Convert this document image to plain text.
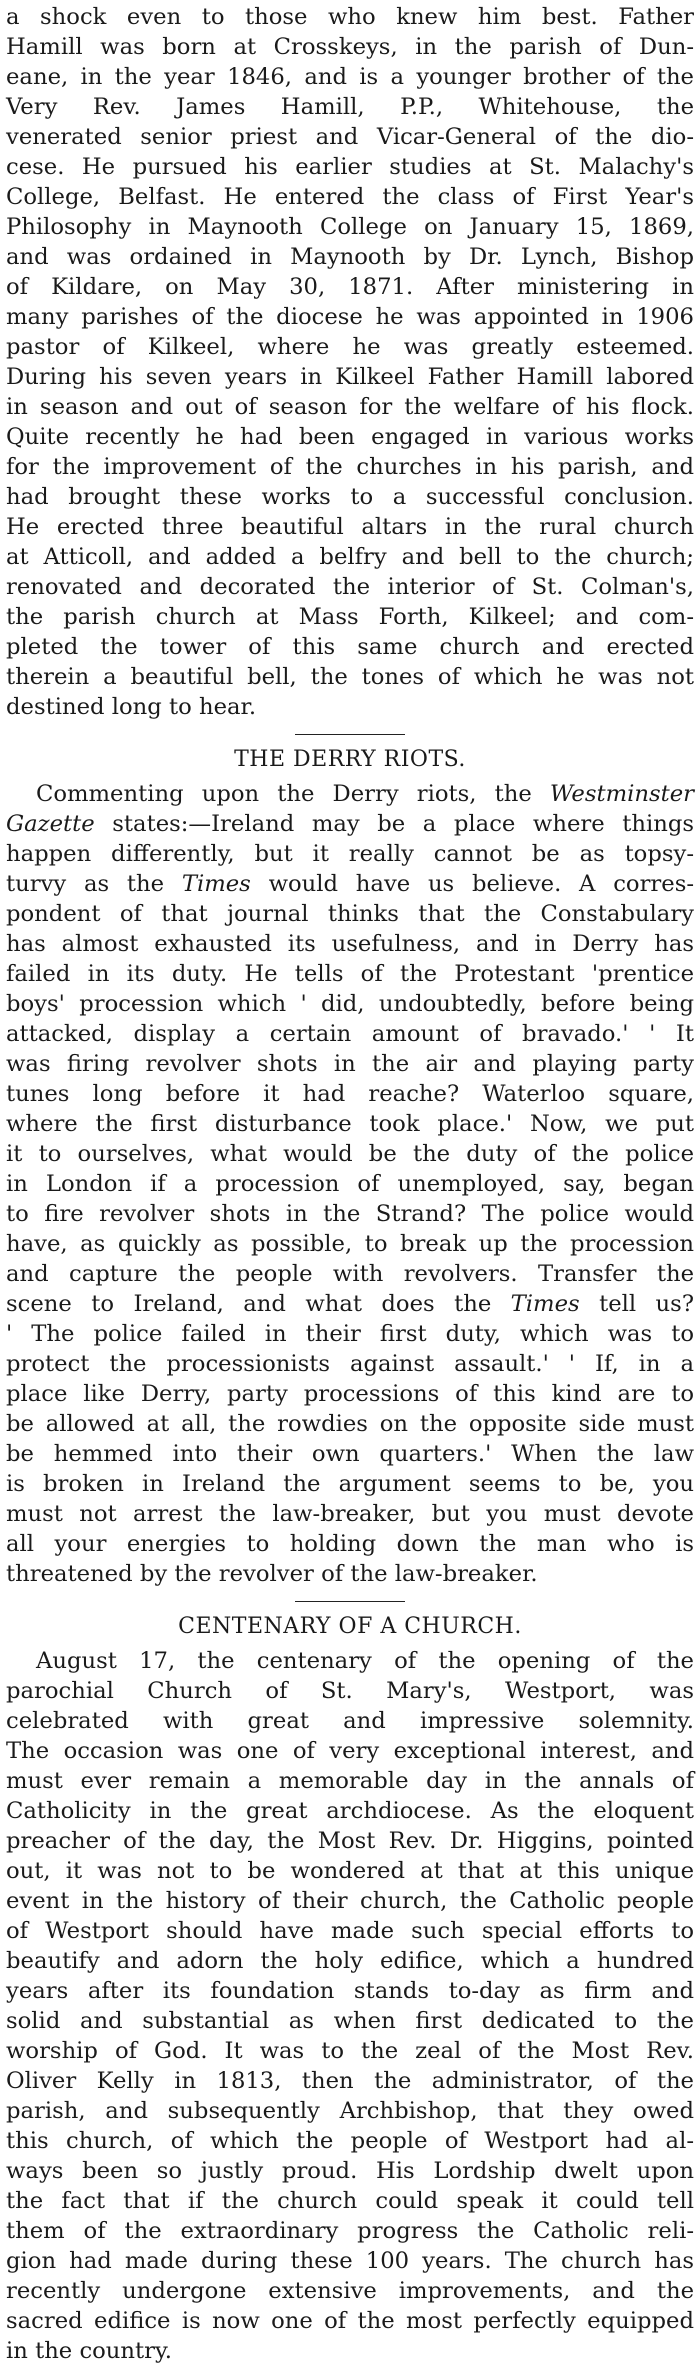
a shock even to those who knew him best. Father
Hamill was born at Crosskeys, in the parish of Dun-
eane, in the year 1846, and is a younger brother of the
Very Rev. James Hamill, P.P., Whitehouse, the
venerated senior priest and Vicar-General of the dio-
cese. He pursued his earlier studies at St. Malachy's
College, Belfast. He entered the class of First Year's
Philosophy in Maynooth College on January 15, 1869,
and was ordained in Maynooth by Dr. Lynch, Bishop
of Kildare, on May 30, 1871. After ministering in
many parishes of the diocese he was appointed in 1906
pastor of Kilkeel, where he was greatly esteemed.
During his seven years in Kilkeel Father Hamill labored
in season and out of season for the welfare of his flock.
Quite recently he had been engaged in various works
for the improvement of the churches in his parish, and
had brought these works to a successful conclusion.
He erected three beautiful altars in the rural church
at Atticoll, and added a belfry and bell to the church;
renovated and decorated the interior of St. Colman's,
the parish church at Mass Forth, Kilkeel; and com-
pleted the tower of this same church and erected
therein a beautiful bell, the tones of which he was not
destined long to hear.
THE DERRY RIOTS.
Commenting upon the Derry riots, the Westminster
Gazette states:—Ireland may be a place where things
happen differently, but it really cannot be as topsy-
turvy as the Times would have us believe. A corres-
pondent of that journal thinks that the Constabulary
has almost exhausted its usefulness, and in Derry has
failed in its duty. He tells of the Protestant 'prentice
boys' procession which ' did, undoubtedly, before being
attacked, display a certain amount of bravado.' ' It
was firing revolver shots in the air and playing party
tunes long before it had reache? Waterloo square,
where the first disturbance took place.' Now, we put
it to ourselves, what would be the duty of the police
in London if a procession of unemployed, say, began
to fire revolver shots in the Strand? The police would
have, as quickly as possible, to break up the procession
and capture the people with revolvers. Transfer the
scene to Ireland, and what does the Times tell us?
' The police failed in their first duty, which was to
protect the processionists against assault.' ' If, in a
place like Derry, party processions of this kind are to
be allowed at all, the rowdies on the opposite side must
be hemmed into their own quarters.' When the law
is broken in Ireland the argument seems to be, you
must not arrest the law-breaker, but you must devote
all your energies to holding down the man who is
threatened by the revolver of the law-breaker.
CENTENARY OF A CHURCH.
August 17, the centenary of the opening of the
parochial Church of St. Mary's, Westport, was
celebrated with great and impressive solemnity.
The occasion was one of very exceptional interest, and
must ever remain a memorable day in the annals of
Catholicity in the great archdiocese. As the eloquent
preacher of the day, the Most Rev. Dr. Higgins, pointed
out, it was not to be wondered at that at this unique
event in the history of their church, the Catholic people
of Westport should have made such special efforts to
beautify and adorn the holy edifice, which a hundred
years after its foundation stands to-day as firm and
solid and substantial as when first dedicated to the
worship of God. It was to the zeal of the Most Rev.
Oliver Kelly in 1813, then the administrator, of the
parish, and subsequently Archbishop, that they owed
this church, of which the people of Westport had al-
ways been so justly proud. His Lordship dwelt upon
the fact that if the church could speak it could tell
them of the extraordinary progress the Catholic reli-
gion had made during these 100 years. The church has
recently undergone extensive improvements, and the
sacred edifice is now one of the most perfectly equipped
in the country.
